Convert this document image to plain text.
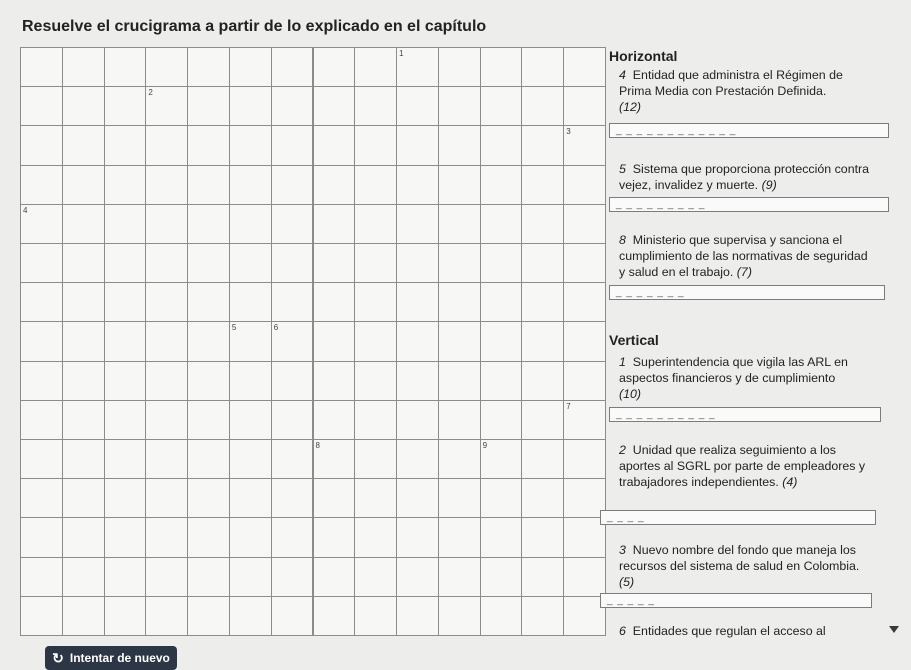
Resuelve el crucigrama a partir de lo explicado en el capítulo
1
2
3
4
5	6
7
8	9
Horizontal
4 Entidad que administra el Régimen de Prima Media con Prestación Definida.
(12)
_ _ _ _ _ _ _ _ _ _ _ _
5 Sistema que proporciona protección contra vejez, invalidez y muerte. (9)
_ _ _ _ _ _ _ _ _
8 Ministerio que supervisa y sanciona el cumplimiento de las normativas de seguridad y salud en el trabajo. (7)
_ _ _ _ _ _ _
Vertical
1 Superintendencia que vigila las ARL en aspectos financieros y de cumplimiento
(10)
_ _ _ _ _ _ _ _ _ _
2 Unidad que realiza seguimiento a los aportes al SGRL por parte de empleadores y trabajadores independientes. (4)
_ _ _ _
3 Nuevo nombre del fondo que maneja los recursos del sistema de salud en Colombia. (5)
_ _ _ _ _
6 Entidades que regulan el acceso al
↻ Intentar de nuevo
